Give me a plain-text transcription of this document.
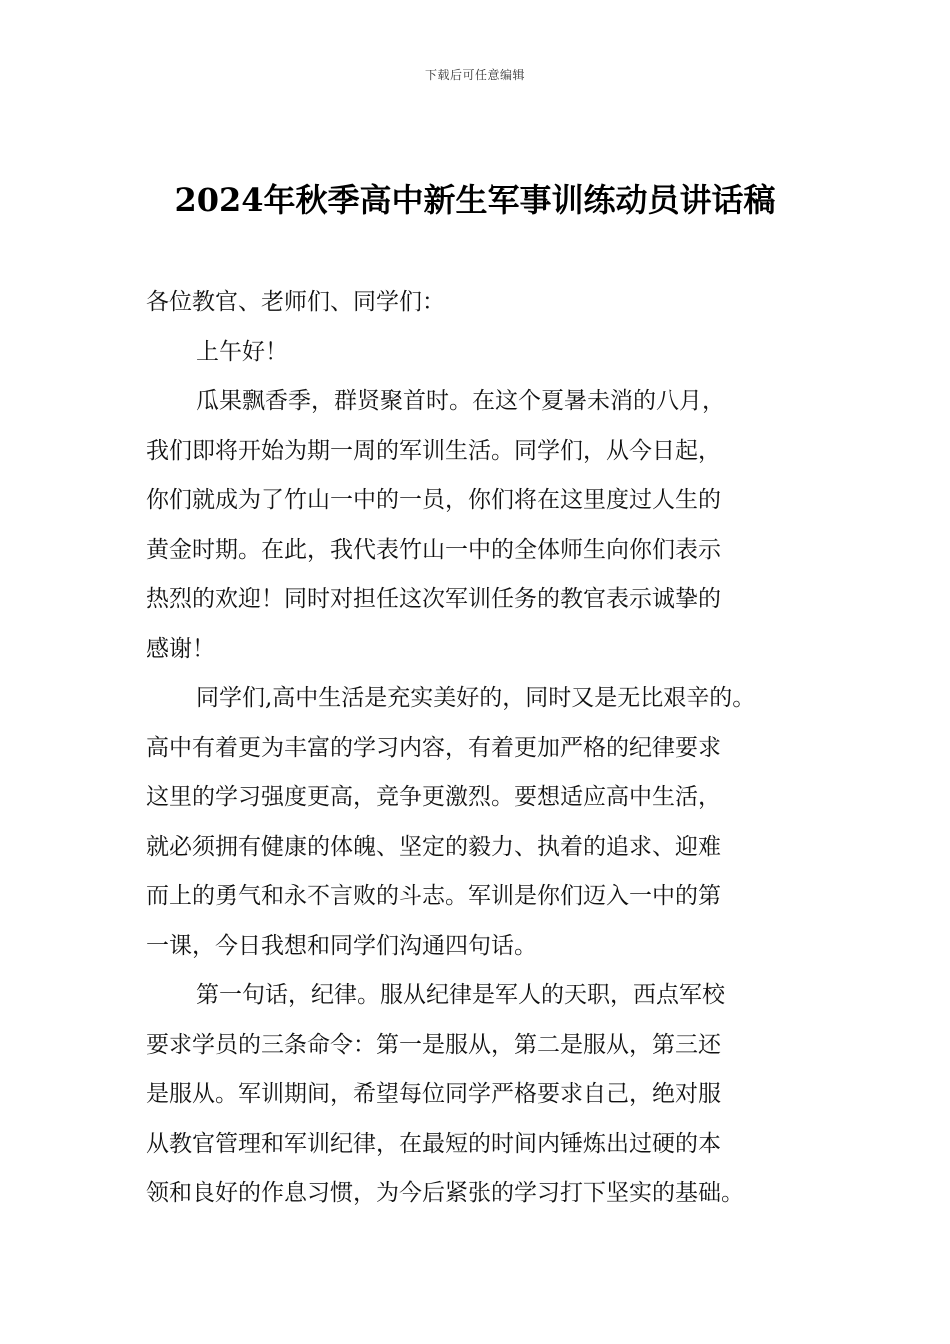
下载后可任意编辑
2024年秋季高中新生军事训练动员讲话稿
各位教官、老师们、同学们：
上午好！
瓜果飘香季，群贤聚首时。在这个夏暑未消的八月，
我们即将开始为期一周的军训生活。同学们，从今日起，
你们就成为了竹山一中的一员，你们将在这里度过人生的
黄金时期。在此，我代表竹山一中的全体师生向你们表示
热烈的欢迎！同时对担任这次军训任务的教官表示诚挚的
感谢！
同学们,高中生活是充实美好的，同时又是无比艰辛的。
高中有着更为丰富的学习内容，有着更加严格的纪律要求
这里的学习强度更高，竞争更激烈。要想适应高中生活，
就必须拥有健康的体魄、坚定的毅力、执着的追求、迎难
而上的勇气和永不言败的斗志。军训是你们迈入一中的第
一课，今日我想和同学们沟通四句话。
第一句话，纪律。服从纪律是军人的天职，西点军校
要求学员的三条命令：第一是服从，第二是服从，第三还
是服从。军训期间，希望每位同学严格要求自己，绝对服
从教官管理和军训纪律，在最短的时间内锤炼出过硬的本
领和良好的作息习惯，为今后紧张的学习打下坚实的基础。
